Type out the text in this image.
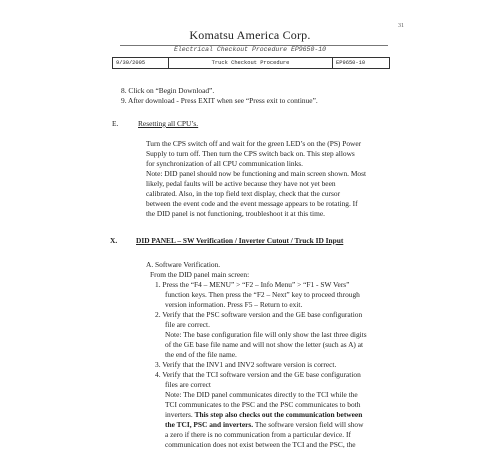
31
Komatsu America Corp.
Electrical Checkout Procedure EP9650-10
9/30/2005	Truck Checkout Procedure	EP9650-10
8. Click on “Begin Download”.
9. After download - Press EXIT when see “Press exit to continue”.
E.	Resetting all CPU’s.
Turn the CPS switch off and wait for the green LED’s on the (PS) Power
Supply to turn off. Then turn the CPS switch back on. This step allows
for synchronization of all CPU communication links.
Note: DID panel should now be functioning and main screen shown. Most
likely, pedal faults will be active because they have not yet been
calibrated. Also, in the top field text display, check that the cursor
between the event code and the event message appears to be rotating. If
the DID panel is not functioning, troubleshoot it at this time.
X.	DID PANEL – SW Verification / Inverter Cutout / Truck ID Input
A. Software Verification.
From the DID panel main screen:
1. Press the “F4 – MENU” > “F2 – Info Menu” > “F1 - SW Vers”
function keys. Then press the “F2 – Next” key to proceed through
version information. Press F5 – Return to exit.
2. Verify that the PSC software version and the GE base configuration
file are correct.
Note: The base configuration file will only show the last three digits
of the GE base file name and will not show the letter (such as A) at
the end of the file name.
3. Verify that the INV1 and INV2 software version is correct.
4. Verify that the TCI software version and the GE base configuration
files are correct
Note: The DID panel communicates directly to the TCI while the
TCI communicates to the PSC and the PSC communicates to both
inverters. This step also checks out the communication between
the TCI, PSC and inverters. The software version field will show
a zero if there is no communication from a particular device. If
communication does not exist between the TCI and the PSC, the
